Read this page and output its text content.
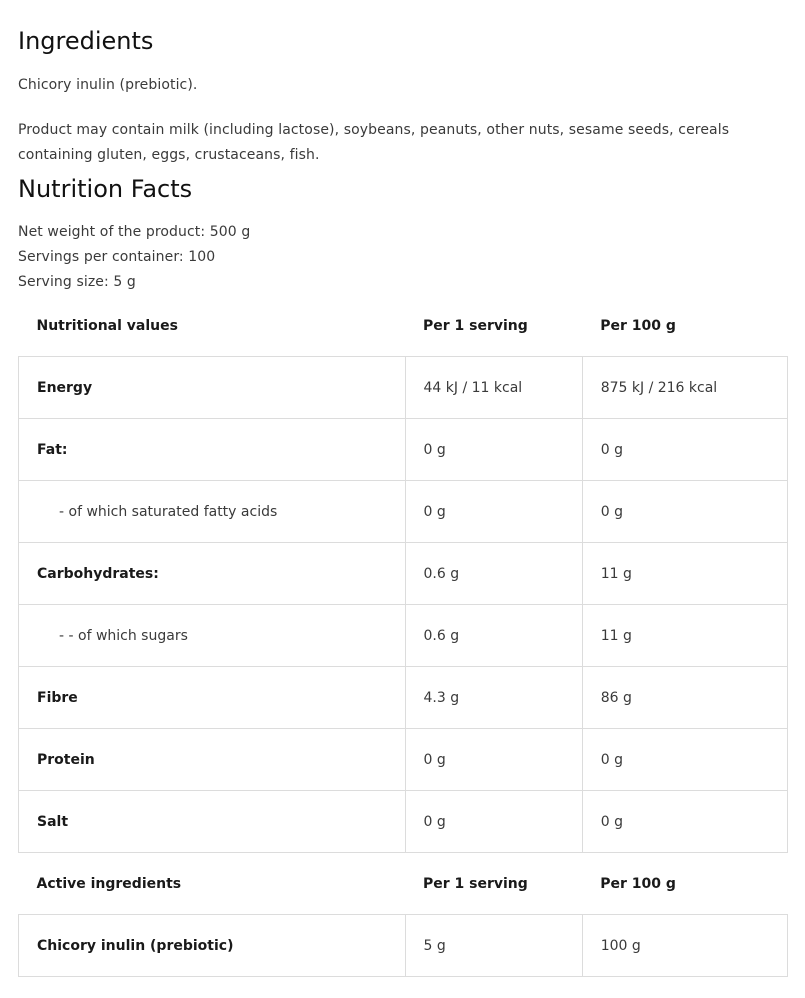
Ingredients

Chicory inulin (prebiotic).

Product may contain milk (including lactose), soybeans, peanuts, other nuts, sesame seeds, cereals containing gluten, eggs, crustaceans, fish.

Nutrition Facts

Net weight of the product: 500 g

Servings per container: 100

Serving size: 5 g

Nutritional values	Per 1 serving	Per 100 g
Energy	44 kJ / 11 kcal	875 kJ / 216 kcal
Fat:	0 g	0 g
- of which saturated fatty acids	0 g	0 g
Carbohydrates:	0.6 g	11 g
- - of which sugars	0.6 g	11 g
Fibre	4.3 g	86 g
Protein	0 g	0 g
Salt	0 g	0 g
Active ingredients	Per 1 serving	Per 100 g
Chicory inulin (prebiotic)	5 g	100 g
